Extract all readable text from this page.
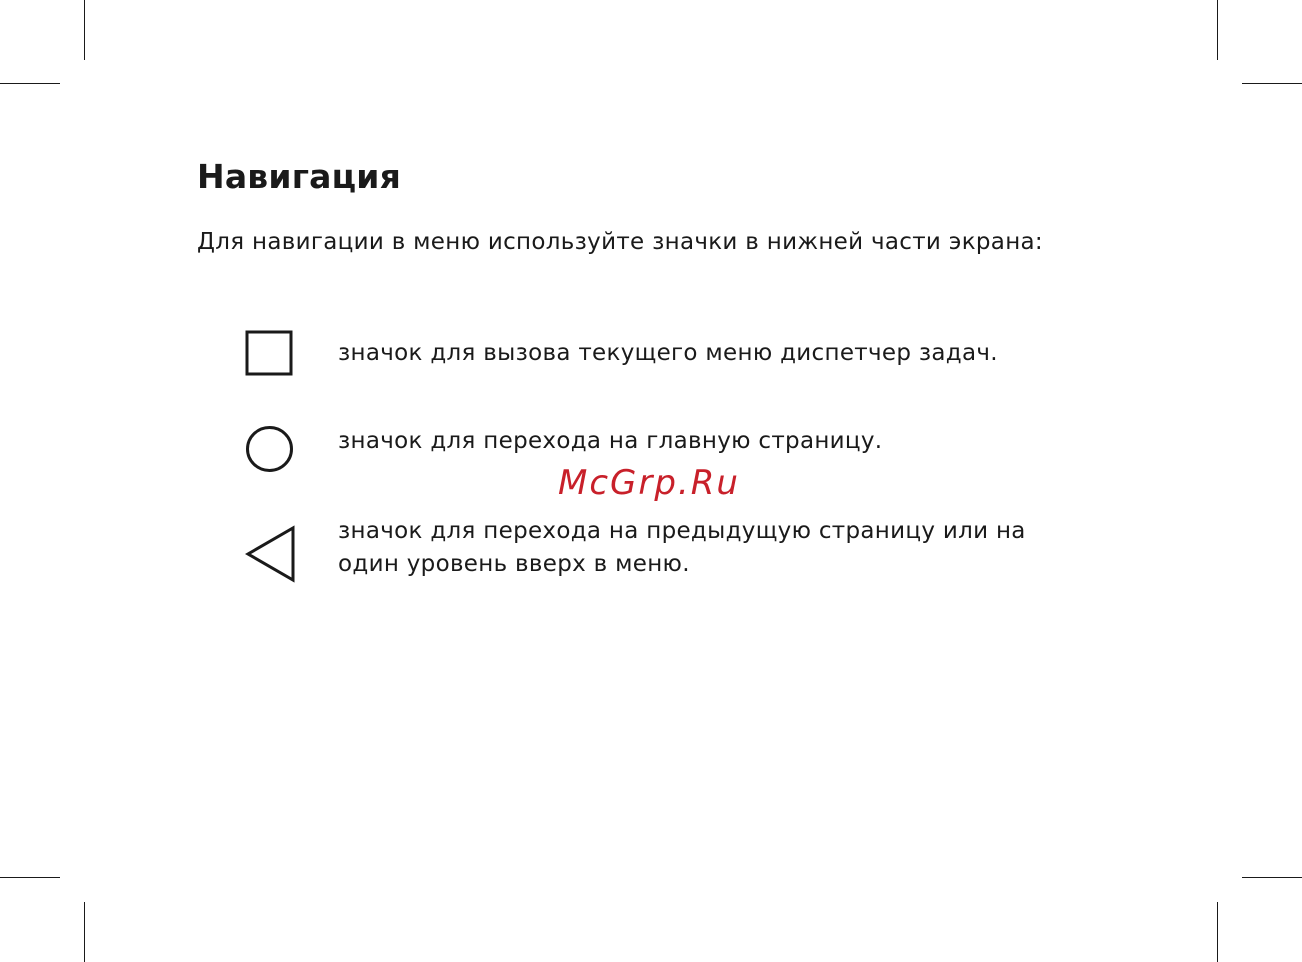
Навигация

Для навигации в меню используйте значки в нижней части экрана:

значок для вызова текущего меню диспетчер задач.

значок для перехода на главную страницу.

McGrp.Ru

значок для перехода на предыдущую страницу или на
один уровень вверх в меню.
